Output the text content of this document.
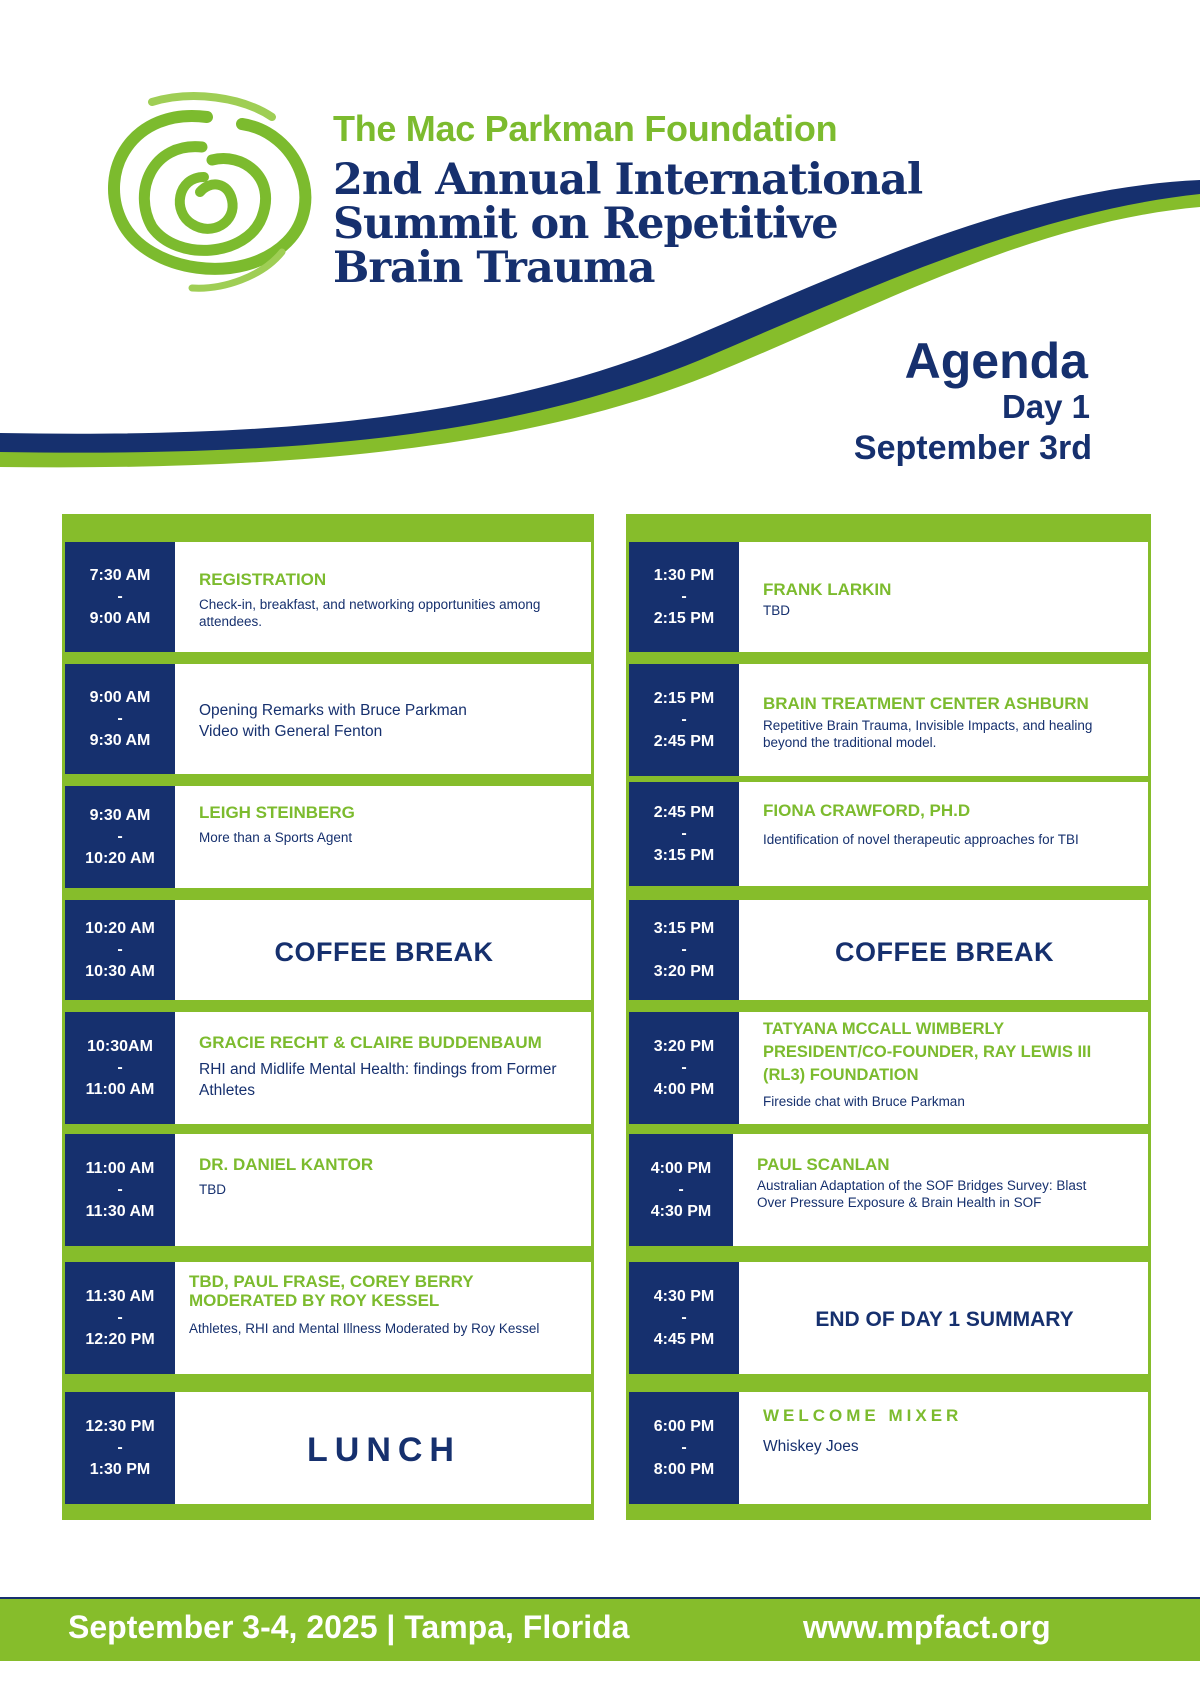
The Mac Parkman Foundation
2nd Annual International
Summit on Repetitive
Brain Trauma
Agenda
Day 1
September 3rd
7:30 AM
-
9:00 AM
REGISTRATION
Check-in, breakfast, and networking opportunities among attendees.
9:00 AM
-
9:30 AM
Opening Remarks with Bruce Parkman
Video with General Fenton
9:30 AM
-
10:20 AM
LEIGH STEINBERG
More than a Sports Agent
10:20 AM
-
10:30 AM
COFFEE BREAK
10:30AM
-
11:00 AM
GRACIE RECHT & CLAIRE BUDDENBAUM
RHI and Midlife Mental Health: findings from Former Athletes
11:00 AM
-
11:30 AM
DR. DANIEL KANTOR
TBD
11:30 AM
-
12:20 PM
TBD, PAUL FRASE, COREY BERRY MODERATED BY ROY KESSEL
Athletes, RHI and Mental Illness Moderated by Roy Kessel
12:30 PM
-
1:30 PM
LUNCH
1:30 PM
-
2:15 PM
FRANK LARKIN
TBD
2:15 PM
-
2:45 PM
BRAIN TREATMENT CENTER ASHBURN
Repetitive Brain Trauma, Invisible Impacts, and healing beyond the traditional model.
2:45 PM
-
3:15 PM
FIONA CRAWFORD, PH.D
Identification of novel therapeutic approaches for TBI
3:15 PM
-
3:20 PM
COFFEE BREAK
3:20 PM
-
4:00 PM
TATYANA MCCALL WIMBERLY PRESIDENT/CO-FOUNDER, RAY LEWIS III (RL3) FOUNDATION
Fireside chat with Bruce Parkman
4:00 PM
-
4:30 PM
PAUL SCANLAN
Australian Adaptation of the SOF Bridges Survey: Blast Over Pressure Exposure & Brain Health in SOF
4:30 PM
-
4:45 PM
END OF DAY 1 SUMMARY
6:00 PM
-
8:00 PM
WELCOME MIXER
Whiskey Joes
September 3-4, 2025 | Tampa, Florida	www.mpfact.org
